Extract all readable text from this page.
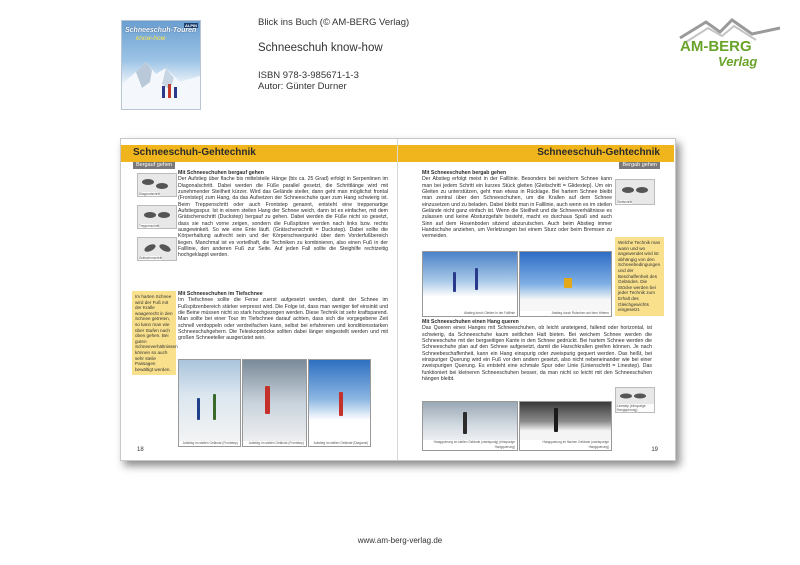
ALPIN
Schneeschuh-Touren
know-how
Blick ins Buch (© AM-BERG Verlag)
Schneeschuh know-how
ISBN 978-3-985671-1-3
Autor: Günter Durner
AM-BERG
Verlag
Schneeschuh-Gehtechnik
Bergauf gehen
Diagonalschritt
Treppenschritt
Grätschenschritt
Mit Schneeschuhen bergauf gehen
Der Aufstieg über flache bis mittelsteile Hänge (bis ca. 25 Grad) erfolgt in Serpentinen im Diagonalschritt. Dabei werden die Füße parallel gesetzt, die Schrittlänge wird mit zunehmender Steilheit kürzer. Wird das Gelände steiler, dann geht man möglichst frontal (Frontstep) zum Hang, da das Aufsetzen der Schneeschuhe quer zum Hang schwierig ist. Beim Treppenschritt oder auch Frontstep genannt, entsteht eine treppenartige Aufstiegsspur. Ist in einem steilen Hang der Schnee weich, dann ist es einfacher, mit dem Grätschenschritt (Duckstep) bergauf zu gehen. Dabei werden die Füße nicht so gesetzt, dass sie nach vorne zeigen, sondern die Fußspitzen werden nach links bzw. rechts ausgewinkelt. So wie eine Ente läuft. (Grätschenschritt = Duckstep). Dabei sollte die Körperhaltung aufrecht sein und der Körperschwerpunkt über dem Vorderfußbereich liegen. Manchmal ist es vorteilhaft, die Techniken zu kombinieren, also einen Fuß in der Falllinie, den anderen Fuß zur Seite. Auf jeden Fall sollte die Steighilfe rechtzeitig hochgeklappt werden.
Im harten Schnee wird der Fuß mit der Kralle waagerecht in den Schnee getreten, so kann man wie über Stufen nach oben gehen. Bei guten Schneeverhältnissen können so auch sehr steile Passagen bewältigt werden.
Mit Schneeschuhen im Tiefschnee
Im Tiefschnee sollte die Ferse zuerst aufgesetzt werden, damit der Schnee im Fußspitzenbereich stärker verpresst wird. Die Folge ist, dass man weniger tief einsinkt und die Beine müssen nicht so stark hochgezogen werden. Diese Technik ist sehr kraftsparend. Man sollte bei einer Tour im Tiefschnee darauf achten, dass sich die vorgegebene Zeit schnell verdoppeln oder verdreifachen kann, selbst bei erfahrenen und konditionsstarken Schneeschuhgehern. Die Teleskopstöcke sollten dabei länger eingestellt werden und mit großen Schneeteller ausgerüstet sein.
Aufstieg im steilen Gelände (Frontstep)	Aufstieg im steilen Gelände (Frontstep)	Aufstieg im steilen Gelände (Diagonal)
18
Schneeschuh-Gehtechnik
Bergab gehen
Mit Schneeschuhen bergab gehen
Der Abstieg erfolgt meist in der Falllinie. Besonders bei weichem Schnee kann man bei jedem Schritt ein kurzes Stück gleiten (Gleitschritt = Glidestep). Um ein Gleiten zu unterstützen, geht man etwas in Rücklage. Bei hartem Schnee bleibt man zentral über den Schneeschuhen, um die Krallen auf dem Schnee einzusetzen und zu beladen. Dabei bleibt man in Falllinie, auch wenn es im steilen Gelände nicht ganz einfach ist. Wenn die Steilheit und die Schneeverhältnisse es zulassen und keine Absturzgefahr besteht, macht es durchaus Spaß und auch Sinn auf dem Hosenboden sitzend abzurutschen. Auch beim Abstieg immer Handschuhe anziehen, um Verletzungen bei einem Sturz oder beim Bremsen zu vermeiden.
Gleitschritt
Welche Technik man wann und wo angewendet wird ist abhängig von den Schneebedingungen und der Beschaffenheit des Geländes. Die Stöcke werden bei jeder Technik zum Erhalt des Gleichgewichts eingesetzt.
Abstieg durch Gleiten in der Falllinie	Abstieg durch Rutschen auf dem Hintern
Mit Schneeschuhen einen Hang queren
Das Queren eines Hanges mit Schneeschuhen, ob leicht ansteigend, fallend oder horizontal, ist schwierig, da Schneeschuhe kaum seitlichen Halt bieten. Bei weichem Schnee werden die Schneeschuhe mit der bergseitigen Kante in den Schnee gedrückt. Bei hartem Schnee werden die Schneeschuhe plan auf den Schnee aufgesetzt, damit die Harschkrallen greifen können. Je nach Schneebeschaffenheit, kann ein Hang einspurig oder zweispurig gequert werden. Das heißt, bei einspuriger Querung wird ein Fuß vor den andern gesetzt, also nicht nebeneinander wie bei einer zweispurigen Querung. Es entsteht eine schmale Spur oder Linie (Linienschritt = Linestep). Das funktioniert bei kleineren Schneeschuhen besser, da man nicht so leicht mit den Schneeschuhen hängen bleibt.
Linestep (einspurige Hangquerung)
Hangquerung im steilen Gelände (zweispurig) (einspurige Hangquerung)
Hangquerung im flachen Gelände (zweispurige Hangquerung)	19
www.am-berg-verlag.de
